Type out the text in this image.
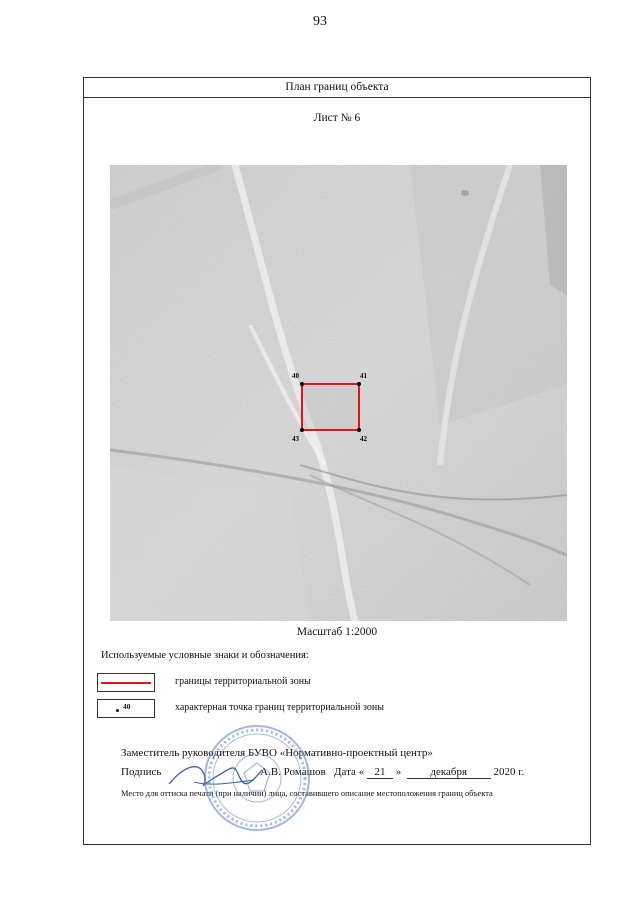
93
План границ объекта
Лист № 6
40	41
42
43
Масштаб 1:2000
Используемые условные знаки и обозначения:
границы территориальной зоны
40	характерная точка границ территориальной зоны
Заместитель руководителя БУВО «Нормативно-проектный центр»
Подпись	А.В. Ромашов Дата « 21 »	декабря 2020 г.
Место для оттиска печати (при наличии) лица, составившего описание местоположения границ объекта
